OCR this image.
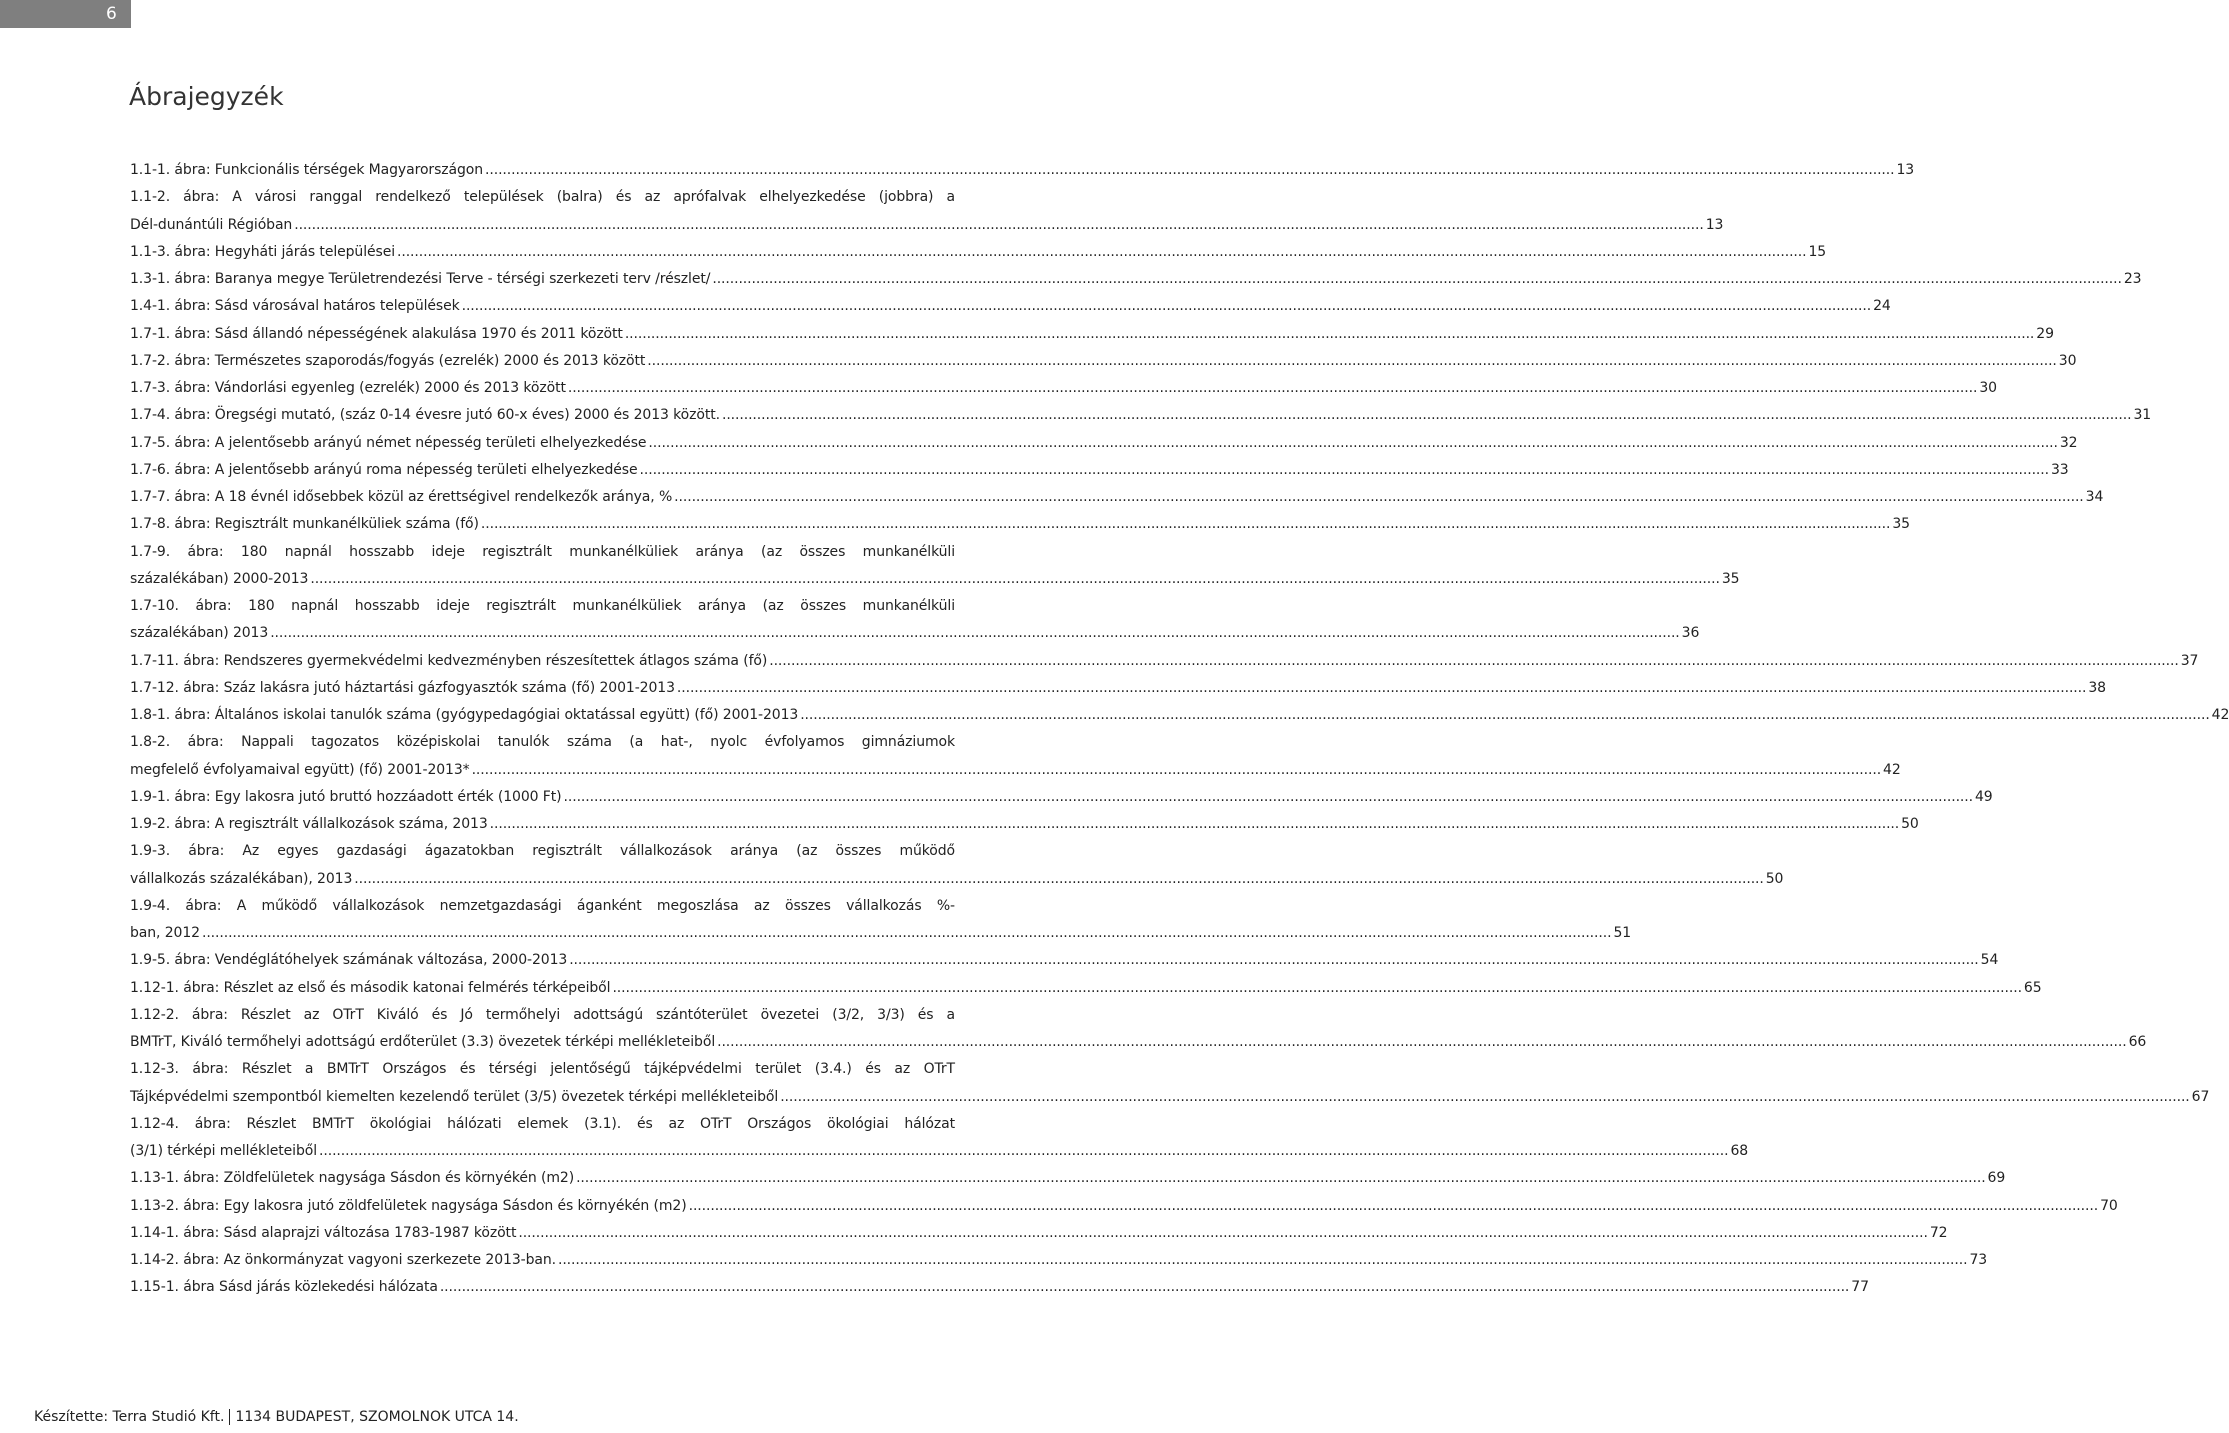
6
Ábrajegyzék
1.1-1. ábra: Funkcionális térségek Magyarországon .....	13
1.1-2. ábra: A városi ranggal rendelkező települések (balra) és az aprófalvak elhelyezkedése (jobbra) a
Dél-dunántúli Régióban .....	13
1.1-3. ábra: Hegyháti járás települései .....	15
1.3-1. ábra: Baranya megye Területrendezési Terve - térségi szerkezeti terv /részlet/ .....	23
1.4-1. ábra: Sásd városával határos települések .....	24
1.7-1. ábra: Sásd állandó népességének alakulása 1970 és 2011 között .....	29
1.7-2. ábra: Természetes szaporodás/fogyás (ezrelék) 2000 és 2013 között .....	30
1.7-3. ábra: Vándorlási egyenleg (ezrelék) 2000 és 2013 között .....	30
1.7-4. ábra: Öregségi mutató, (száz 0-14 évesre jutó 60-x éves) 2000 és 2013 között. .....	31
1.7-5. ábra: A jelentősebb arányú német népesség területi elhelyezkedése .....	32
1.7-6. ábra: A jelentősebb arányú roma népesség területi elhelyezkedése .....	33
1.7-7. ábra: A 18 évnél idősebbek közül az érettségivel rendelkezők aránya, % .....	34
1.7-8. ábra: Regisztrált munkanélküliek száma (fő) .....	35
1.7-9. ábra: 180 napnál hosszabb ideje regisztrált munkanélküliek aránya (az összes munkanélküli
százalékában) 2000-2013 .....	35
1.7-10. ábra: 180 napnál hosszabb ideje regisztrált munkanélküliek aránya (az összes munkanélküli
százalékában) 2013 .....	36
1.7-11. ábra: Rendszeres gyermekvédelmi kedvezményben részesítettek átlagos száma (fő) .....	37
1.7-12. ábra: Száz lakásra jutó háztartási gázfogyasztók száma (fő) 2001-2013 .....	38
1.8-1. ábra: Általános iskolai tanulók száma (gyógypedagógiai oktatással együtt) (fő) 2001-2013 .....	42
1.8-2. ábra: Nappali tagozatos középiskolai tanulók száma (a hat-, nyolc évfolyamos gimnáziumok
megfelelő évfolyamaival együtt) (fő) 2001-2013* .....	42
1.9-1. ábra: Egy lakosra jutó bruttó hozzáadott érték (1000 Ft) .....	49
1.9-2. ábra: A regisztrált vállalkozások száma, 2013 .....	50
1.9-3. ábra: Az egyes gazdasági ágazatokban regisztrált vállalkozások aránya (az összes működő
vállalkozás százalékában), 2013 .....	50
1.9-4. ábra: A működő vállalkozások nemzetgazdasági áganként megoszlása az összes vállalkozás %-
ban, 2012 .....	51
1.9-5. ábra: Vendéglátóhelyek számának változása, 2000-2013 .....	54
1.12-1. ábra: Részlet az első és második katonai felmérés térképeiből .....	65
1.12-2. ábra: Részlet az OTrT Kiváló és Jó termőhelyi adottságú szántóterület övezetei (3/2, 3/3) és a
BMTrT, Kiváló termőhelyi adottságú erdőterület (3.3) övezetek térképi mellékleteiből .....	66
1.12-3. ábra: Részlet a BMTrT Országos és térségi jelentőségű tájképvédelmi terület (3.4.) és az OTrT
Tájképvédelmi szempontból kiemelten kezelendő terület (3/5) övezetek térképi mellékleteiből .....	67
1.12-4. ábra: Részlet BMTrT ökológiai hálózati elemek (3.1). és az OTrT Országos ökológiai hálózat
(3/1) térképi mellékleteiből .....	68
1.13-1. ábra: Zöldfelületek nagysága Sásdon és környékén (m2) .....	69
1.13-2. ábra: Egy lakosra jutó zöldfelületek nagysága Sásdon és környékén (m2) .....	70
1.14-1. ábra: Sásd alaprajzi változása 1783-1987 között .....	72
1.14-2. ábra: Az önkormányzat vagyoni szerkezete 2013-ban. .....	73
1.15-1. ábra Sásd járás közlekedési hálózata .....	77
Készítette: Terra Studió Kft. 1134 BUDAPEST, SZOMOLNOK UTCA 14.
